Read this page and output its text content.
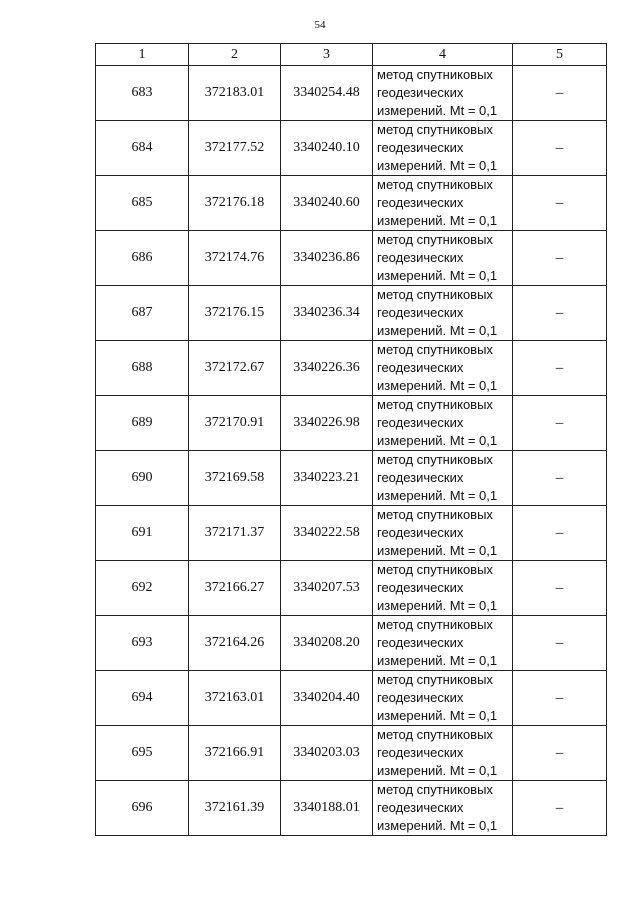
54
1	2	3	4	5
683	372183.01	3340254.48	метод спутниковых
геодезических
измерений. Mt = 0,1	–
684	372177.52	3340240.10	метод спутниковых
геодезических
измерений. Mt = 0,1	–
685	372176.18	3340240.60	метод спутниковых
геодезических
измерений. Mt = 0,1	–
686	372174.76	3340236.86	метод спутниковых
геодезических
измерений. Mt = 0,1	–
687	372176.15	3340236.34	метод спутниковых
геодезических
измерений. Mt = 0,1	–
688	372172.67	3340226.36	метод спутниковых
геодезических
измерений. Mt = 0,1	–
689	372170.91	3340226.98	метод спутниковых
геодезических
измерений. Mt = 0,1	–
690	372169.58	3340223.21	метод спутниковых
геодезических
измерений. Mt = 0,1	–
691	372171.37	3340222.58	метод спутниковых
геодезических
измерений. Mt = 0,1	–
692	372166.27	3340207.53	метод спутниковых
геодезических
измерений. Mt = 0,1	–
693	372164.26	3340208.20	метод спутниковых
геодезических
измерений. Mt = 0,1	–
694	372163.01	3340204.40	метод спутниковых
геодезических
измерений. Mt = 0,1	–
695	372166.91	3340203.03	метод спутниковых
геодезических
измерений. Mt = 0,1	–
696	372161.39	3340188.01	метод спутниковых
геодезических
измерений. Mt = 0,1	–
